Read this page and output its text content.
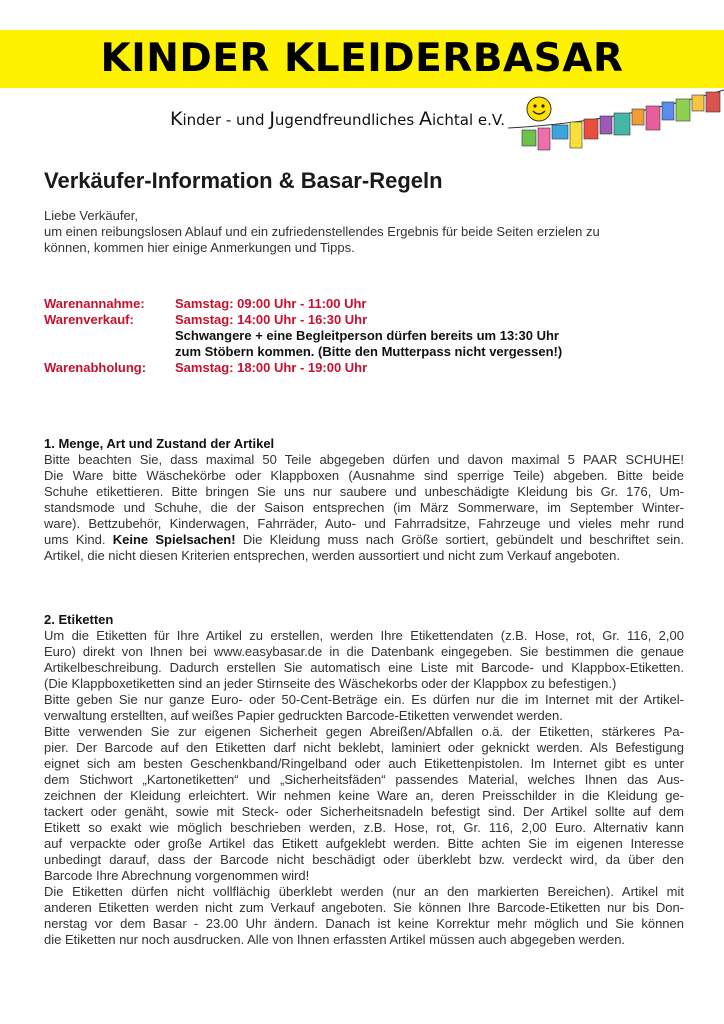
KINDER KLEIDERBASAR
Kinder - und Jugendfreundliches Aichtal e.V.
Verkäufer-Information & Basar-Regeln
Liebe Verkäufer,
um einen reibungslosen Ablauf und ein zufriedenstellendes Ergebnis für beide Seiten erzielen zu
können, kommen hier einige Anmerkungen und Tipps.
Warenannahme:	Samstag: 09:00 Uhr - 11:00 Uhr
Warenverkauf:	Samstag: 14:00 Uhr - 16:30 Uhr
Schwangere + eine Begleitperson dürfen bereits um 13:30 Uhr
zum Stöbern kommen. (Bitte den Mutterpass nicht vergessen!)
Warenabholung:	Samstag: 18:00 Uhr - 19:00 Uhr
1. Menge, Art und Zustand der Artikel
Bitte beachten Sie, dass maximal 50 Teile abgegeben dürfen und davon maximal 5 PAAR SCHUHE!
Die Ware bitte Wäschekörbe oder Klappboxen (Ausnahme sind sperrige Teile) abgeben. Bitte beide
Schuhe etikettieren. Bitte bringen Sie uns nur saubere und unbeschädigte Kleidung bis Gr. 176, Um-
standsmode und Schuhe, die der Saison entsprechen (im März Sommerware, im September Winter-
ware). Bettzubehör, Kinderwagen, Fahrräder, Auto- und Fahrradsitze, Fahrzeuge und vieles mehr rund
ums Kind. Keine Spielsachen! Die Kleidung muss nach Größe sortiert, gebündelt und beschriftet sein.
Artikel, die nicht diesen Kriterien entsprechen, werden aussortiert und nicht zum Verkauf angeboten.
2. Etiketten
Um die Etiketten für Ihre Artikel zu erstellen, werden Ihre Etikettendaten (z.B. Hose, rot, Gr. 116, 2,00
Euro) direkt von Ihnen bei www.easybasar.de in die Datenbank eingegeben. Sie bestimmen die genaue
Artikelbeschreibung. Dadurch erstellen Sie automatisch eine Liste mit Barcode- und Klappbox-Etiketten.
(Die Klappboxetiketten sind an jeder Stirnseite des Wäschekorbs oder der Klappbox zu befestigen.)
Bitte geben Sie nur ganze Euro- oder 50-Cent-Beträge ein. Es dürfen nur die im Internet mit der Artikel-
verwaltung erstellten, auf weißes Papier gedruckten Barcode-Etiketten verwendet werden.
Bitte verwenden Sie zur eigenen Sicherheit gegen Abreißen/Abfallen o.ä. der Etiketten, stärkeres Pa-
pier. Der Barcode auf den Etiketten darf nicht beklebt, laminiert oder geknickt werden. Als Befestigung
eignet sich am besten Geschenkband/Ringelband oder auch Etikettenpistolen. Im Internet gibt es unter
dem Stichwort „Kartonetiketten“ und „Sicherheitsfäden“ passendes Material, welches Ihnen das Aus-
zeichnen der Kleidung erleichtert. Wir nehmen keine Ware an, deren Preisschilder in die Kleidung ge-
tackert oder genäht, sowie mit Steck- oder Sicherheitsnadeln befestigt sind. Der Artikel sollte auf dem
Etikett so exakt wie möglich beschrieben werden, z.B. Hose, rot, Gr. 116, 2,00 Euro. Alternativ kann
auf verpackte oder große Artikel das Etikett aufgeklebt werden. Bitte achten Sie im eigenen Interesse
unbedingt darauf, dass der Barcode nicht beschädigt oder überklebt bzw. verdeckt wird, da über den
Barcode Ihre Abrechnung vorgenommen wird!
Die Etiketten dürfen nicht vollflächig überklebt werden (nur an den markierten Bereichen). Artikel mit
anderen Etiketten werden nicht zum Verkauf angeboten. Sie können Ihre Barcode-Etiketten nur bis Don-
nerstag vor dem Basar - 23.00 Uhr ändern. Danach ist keine Korrektur mehr möglich und Sie können
die Etiketten nur noch ausdrucken. Alle von Ihnen erfassten Artikel müssen auch abgegeben werden.
